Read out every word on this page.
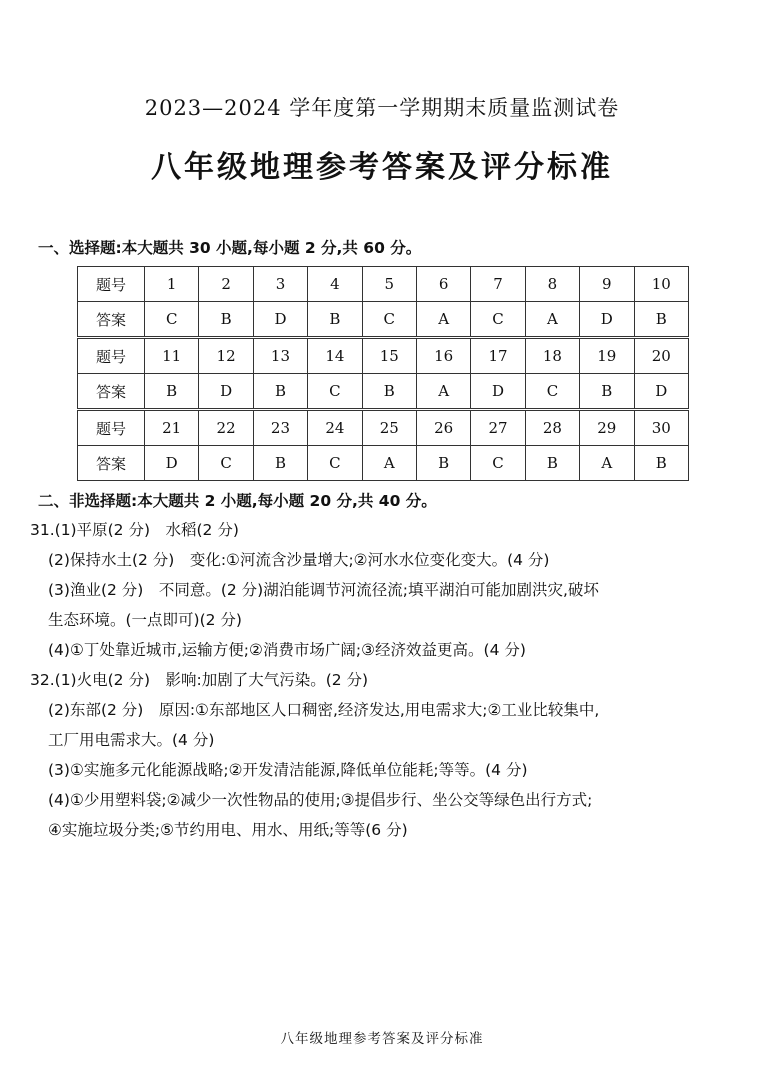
2023—2024 学年度第一学期期末质量监测试卷
八年级地理参考答案及评分标准
一、选择题:本大题共 30 小题,每小题 2 分,共 60 分。
题号	1	2	3	4	5	6	7	8	9	10
答案	C	B	D	B	C	A	C	A	D	B
题号	11	12	13	14	15	16	17	18	19	20
答案	B	D	B	C	B	A	D	C	B	D
题号	21	22	23	24	25	26	27	28	29	30
答案	D	C	B	C	A	B	C	B	A	B
二、非选择题:本大题共 2 小题,每小题 20 分,共 40 分。
31.(1)平原(2 分)　水稻(2 分)
(2)保持水土(2 分)　变化:①河流含沙量增大;②河水水位变化变大。(4 分)
(3)渔业(2 分)　不同意。(2 分)湖泊能调节河流径流;填平湖泊可能加剧洪灾,破坏
生态环境。(一点即可)(2 分)
(4)①丁处靠近城市,运输方便;②消费市场广阔;③经济效益更高。(4 分)
32.(1)火电(2 分)　影响:加剧了大气污染。(2 分)
(2)东部(2 分)　原因:①东部地区人口稠密,经济发达,用电需求大;②工业比较集中,
工厂用电需求大。(4 分)
(3)①实施多元化能源战略;②开发清洁能源,降低单位能耗;等等。(4 分)
(4)①少用塑料袋;②减少一次性物品的使用;③提倡步行、坐公交等绿色出行方式;
④实施垃圾分类;⑤节约用电、用水、用纸;等等(6 分)
八年级地理参考答案及评分标准
